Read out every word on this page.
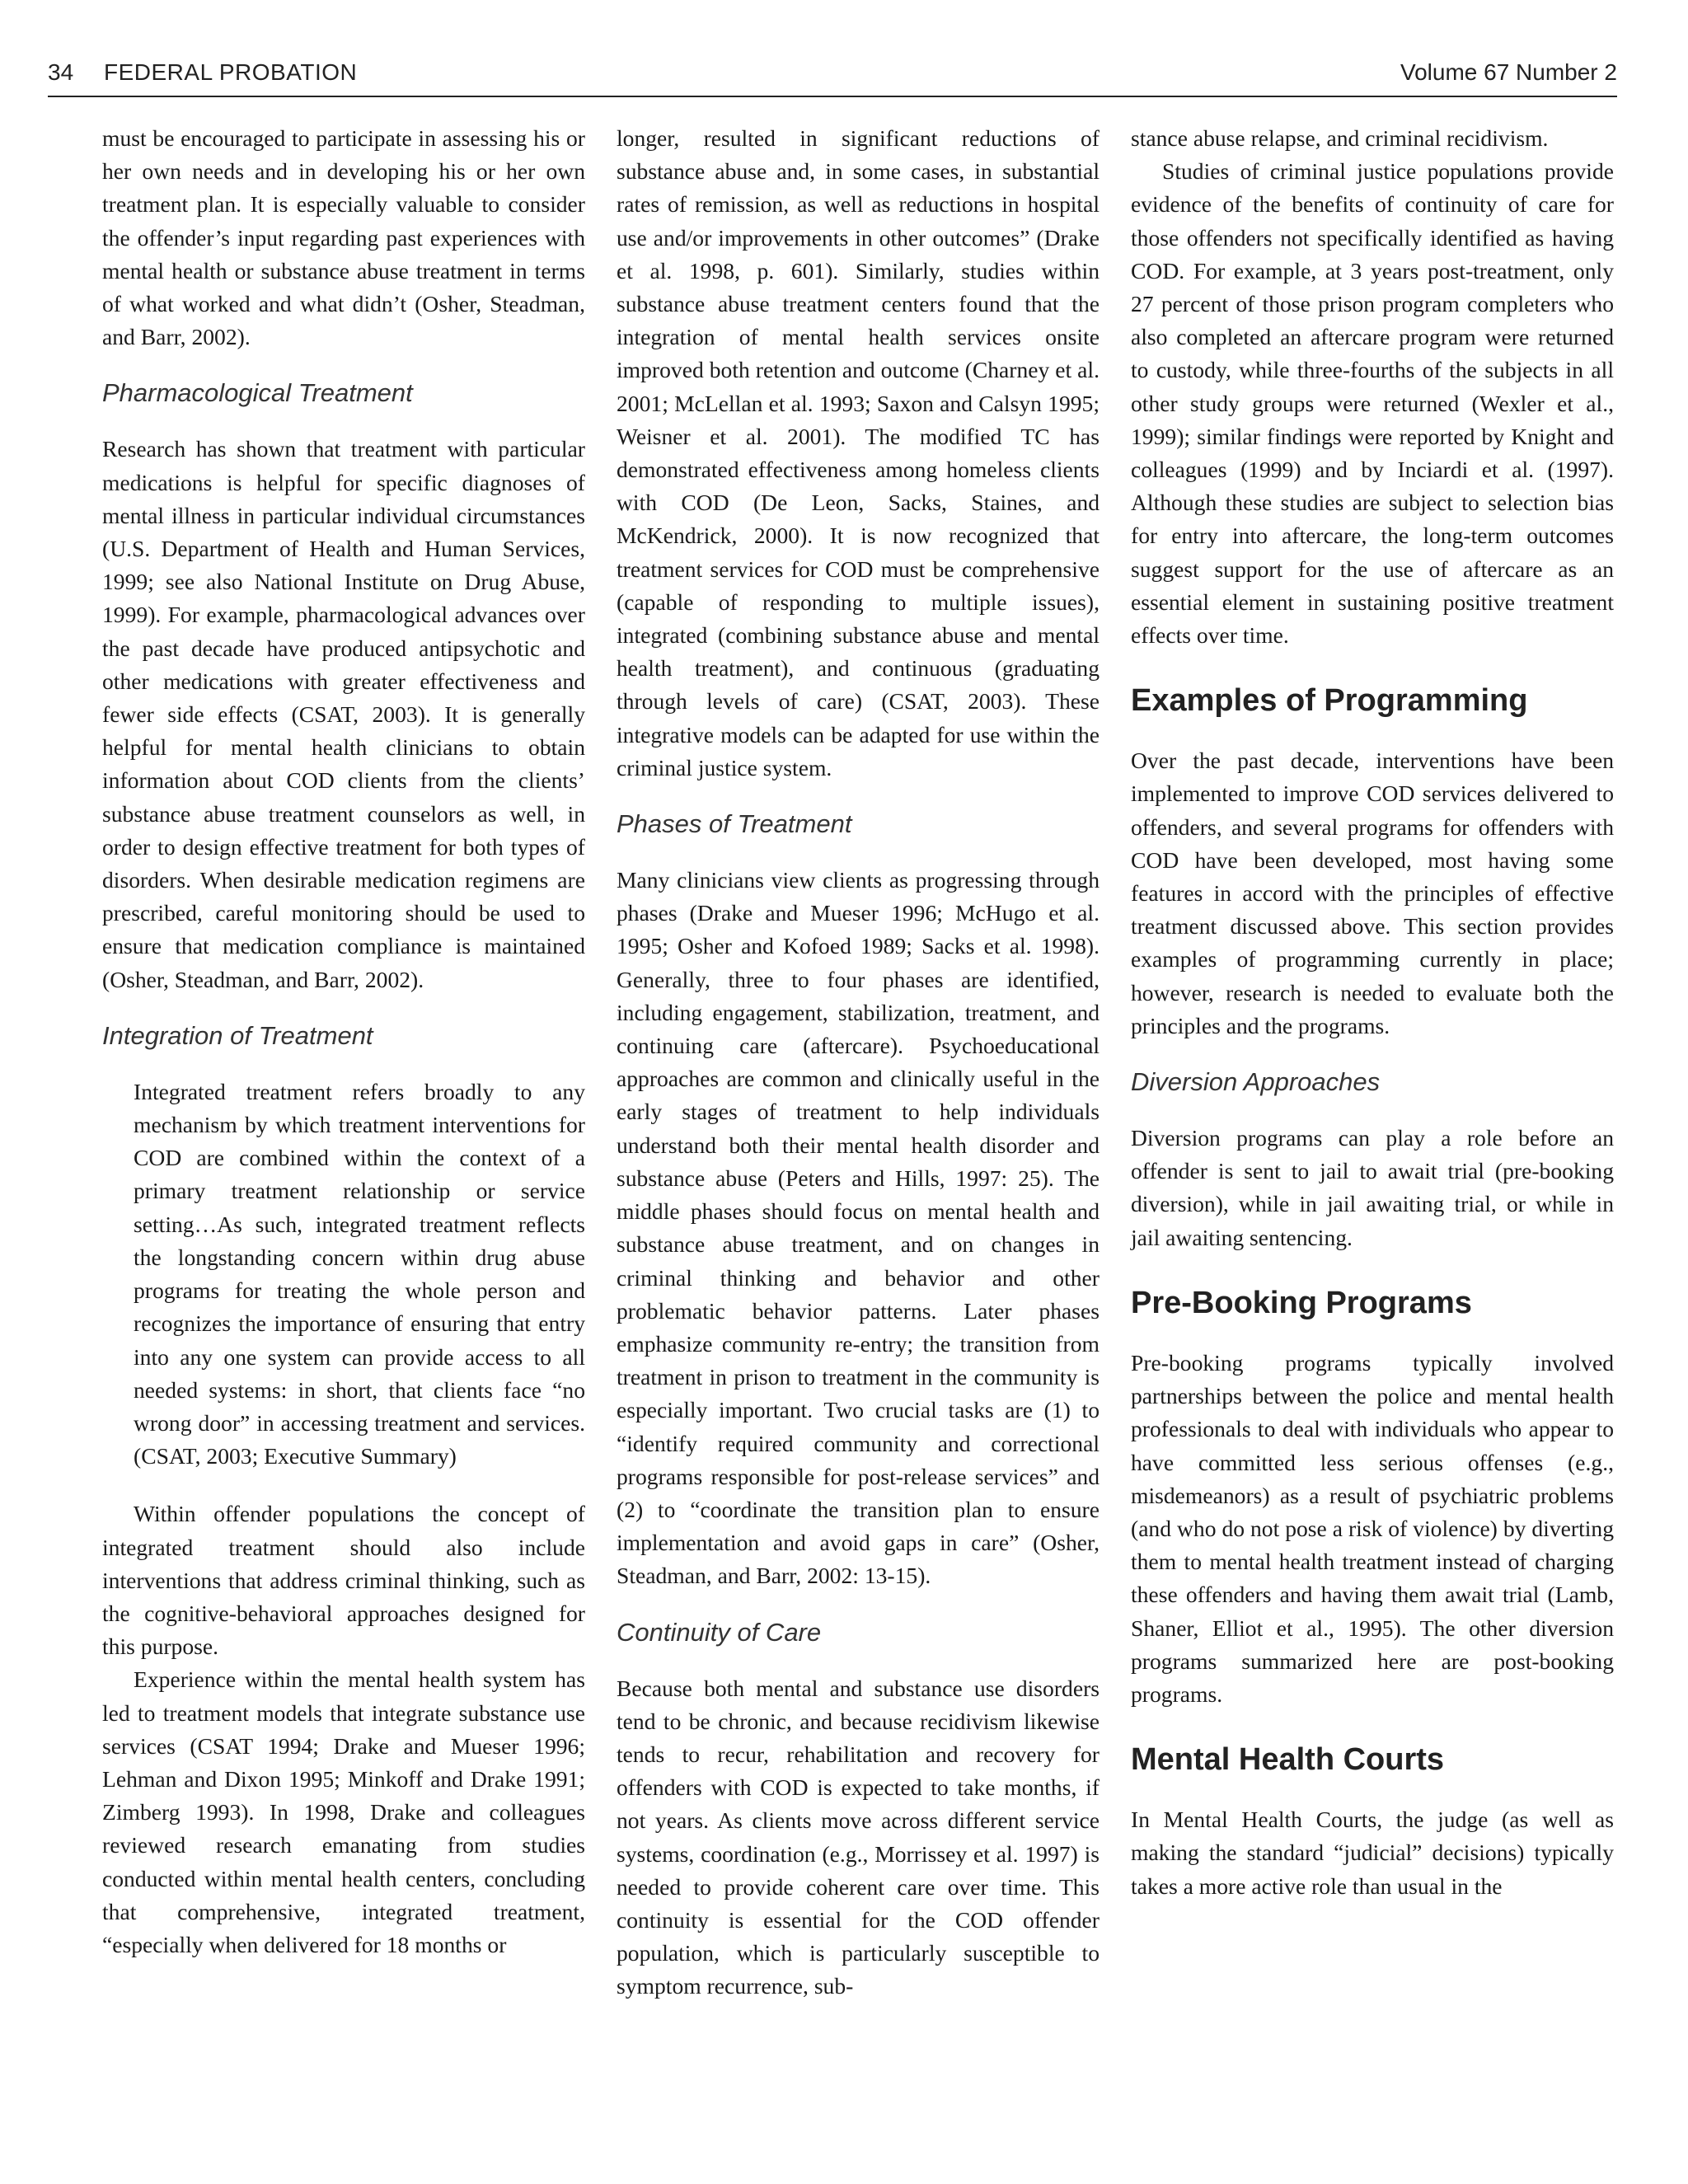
34 FEDERAL PROBATION	Volume 67 Number 2

must be encouraged to participate in assessing his or her own needs and in developing his or her own treatment plan. It is especially valuable to consider the offender’s input regarding past experiences with mental health or substance abuse treatment in terms of what worked and what didn’t (Osher, Steadman, and Barr, 2002).

Pharmacological Treatment

Research has shown that treatment with particular medications is helpful for specific diagnoses of mental illness in particular individual circumstances (U.S. Department of Health and Human Services, 1999; see also National Institute on Drug Abuse, 1999). For example, pharmacological advances over the past decade have produced antipsychotic and other medications with greater effectiveness and fewer side effects (CSAT, 2003). It is generally helpful for mental health clinicians to obtain information about COD clients from the clients’ substance abuse treatment counselors as well, in order to design effective treatment for both types of disorders. When desirable medication regimens are prescribed, careful monitoring should be used to ensure that medication compliance is maintained (Osher, Steadman, and Barr, 2002).

Integration of Treatment
Integrated treatment refers broadly to any mechanism by which treatment interventions for COD are combined within the context of a primary treatment relationship or service setting…As such, integrated treatment reflects the longstanding concern within drug abuse programs for treating the whole person and recognizes the importance of ensuring that entry into any one system can provide access to all needed systems: in short, that clients face “no wrong door” in accessing treatment and services. (CSAT, 2003; Executive Summary)

Within offender populations the concept of integrated treatment should also include interventions that address criminal thinking, such as the cognitive-behavioral approaches designed for this purpose.

Experience within the mental health system has led to treatment models that integrate substance use services (CSAT 1994; Drake and Mueser 1996; Lehman and Dixon 1995; Minkoff and Drake 1991; Zimberg 1993). In 1998, Drake and colleagues reviewed research emanating from studies conducted within mental health centers, concluding that comprehensive, integrated treatment, “especially when delivered for 18 months or

longer, resulted in significant reductions of substance abuse and, in some cases, in substantial rates of remission, as well as reductions in hospital use and/or improvements in other outcomes” (Drake et al. 1998, p. 601). Similarly, studies within substance abuse treatment centers found that the integration of mental health services onsite improved both retention and outcome (Charney et al. 2001; McLellan et al. 1993; Saxon and Calsyn 1995; Weisner et al. 2001). The modified TC has demonstrated effectiveness among homeless clients with COD (De Leon, Sacks, Staines, and McKendrick, 2000). It is now recognized that treatment services for COD must be comprehensive (capable of responding to multiple issues), integrated (combining substance abuse and mental health treatment), and continuous (graduating through levels of care) (CSAT, 2003). These integrative models can be adapted for use within the criminal justice system.

Phases of Treatment

Many clinicians view clients as progressing through phases (Drake and Mueser 1996; McHugo et al. 1995; Osher and Kofoed 1989; Sacks et al. 1998). Generally, three to four phases are identified, including engagement, stabilization, treatment, and continuing care (aftercare). Psychoeducational approaches are common and clinically useful in the early stages of treatment to help individuals understand both their mental health disorder and substance abuse (Peters and Hills, 1997: 25). The middle phases should focus on mental health and substance abuse treatment, and on changes in criminal thinking and behavior and other problematic behavior patterns. Later phases emphasize community re-entry; the transition from treatment in prison to treatment in the community is especially important. Two crucial tasks are (1) to “identify required community and correctional programs responsible for post-release services” and (2) to “coordinate the transition plan to ensure implementation and avoid gaps in care” (Osher, Steadman, and Barr, 2002: 13-15).

Continuity of Care

Because both mental and substance use disorders tend to be chronic, and because recidivism likewise tends to recur, rehabilitation and recovery for offenders with COD is expected to take months, if not years. As clients move across different service systems, coordination (e.g., Morrissey et al. 1997) is needed to provide coherent care over time. This continuity is essential for the COD offender population, which is particularly susceptible to symptom recurrence, sub-

stance abuse relapse, and criminal recidivism.

Studies of criminal justice populations provide evidence of the benefits of continuity of care for those offenders not specifically identified as having COD. For example, at 3 years post-treatment, only 27 percent of those prison program completers who also completed an aftercare program were returned to custody, while three-fourths of the subjects in all other study groups were returned (Wexler et al., 1999); similar findings were reported by Knight and colleagues (1999) and by Inciardi et al. (1997). Although these studies are subject to selection bias for entry into aftercare, the long-term outcomes suggest support for the use of aftercare as an essential element in sustaining positive treatment effects over time.

Examples of Programming

Over the past decade, interventions have been implemented to improve COD services delivered to offenders, and several programs for offenders with COD have been developed, most having some features in accord with the principles of effective treatment discussed above. This section provides examples of programming currently in place; however, research is needed to evaluate both the principles and the programs.

Diversion Approaches

Diversion programs can play a role before an offender is sent to jail to await trial (pre-booking diversion), while in jail awaiting trial, or while in jail awaiting sentencing.

Pre-Booking Programs

Pre-booking programs typically involved partnerships between the police and mental health professionals to deal with individuals who appear to have committed less serious offenses (e.g., misdemeanors) as a result of psychiatric problems (and who do not pose a risk of violence) by diverting them to mental health treatment instead of charging these offenders and having them await trial (Lamb, Shaner, Elliot et al., 1995). The other diversion programs summarized here are post-booking programs.

Mental Health Courts

In Mental Health Courts, the judge (as well as making the standard “judicial” decisions) typically takes a more active role than usual in the
